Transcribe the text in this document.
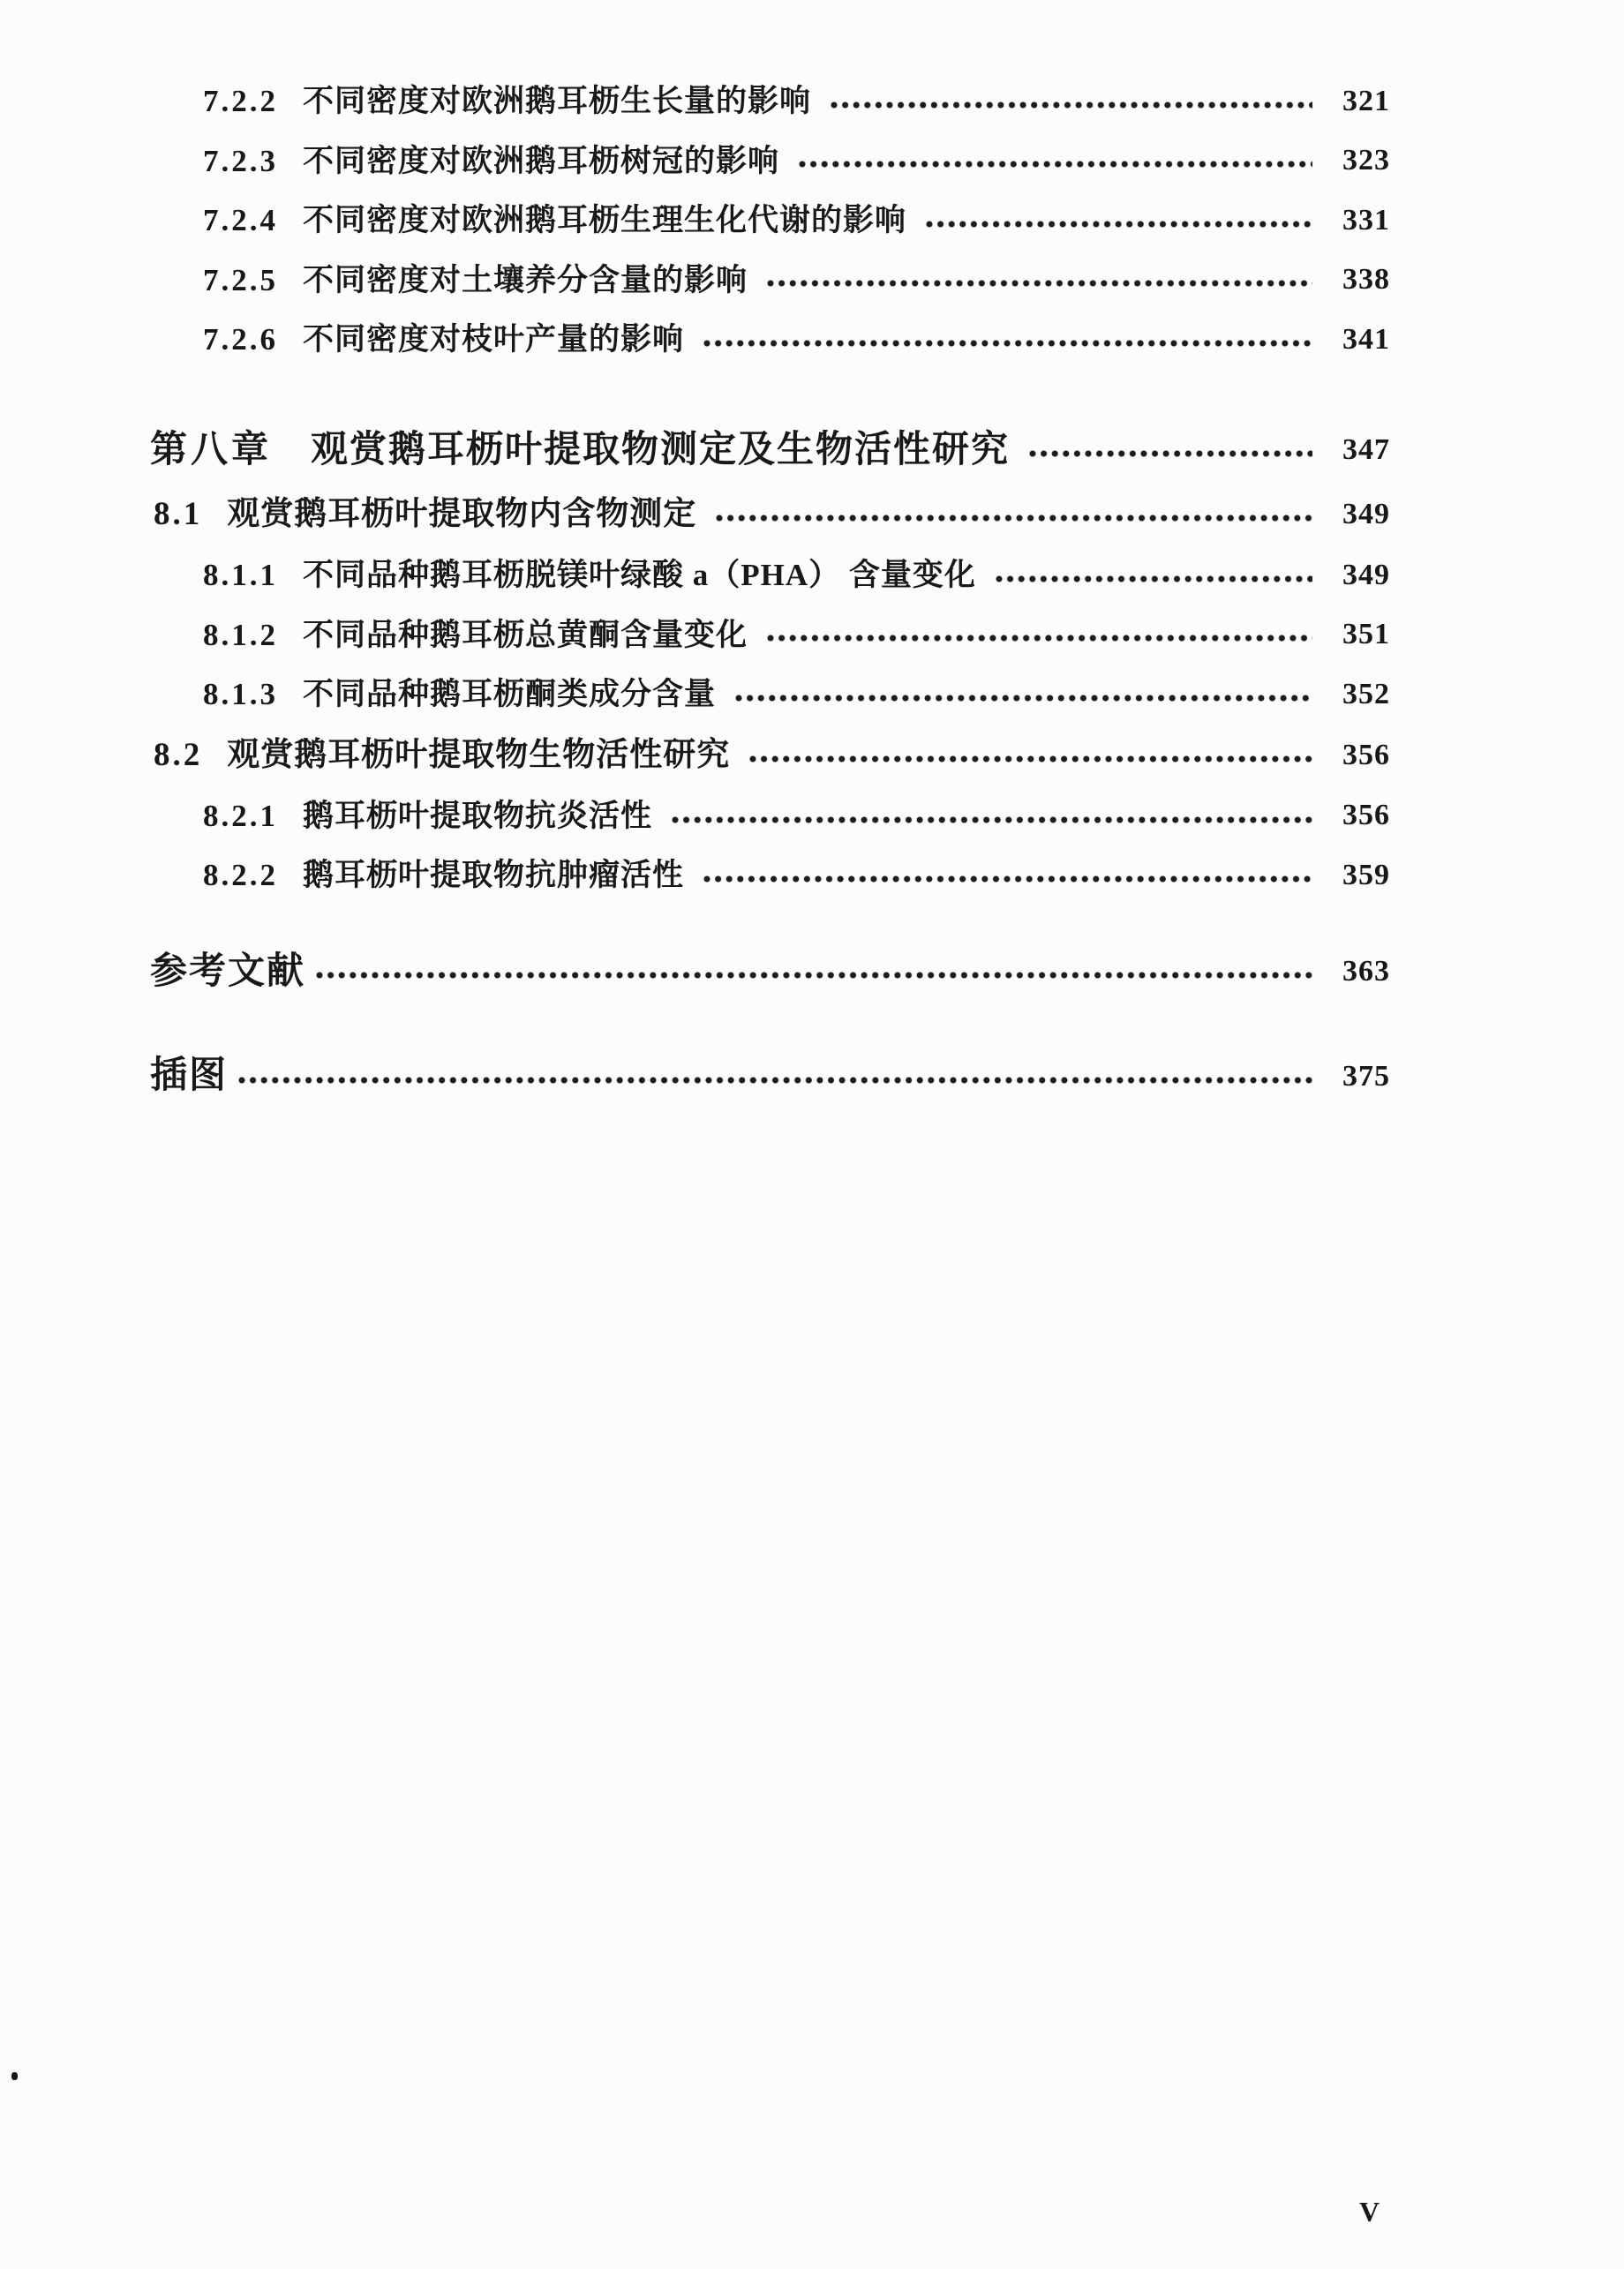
7.2.2 不同密度对欧洲鹅耳枥生长量的影响	321
7.2.3 不同密度对欧洲鹅耳枥树冠的影响	323
7.2.4 不同密度对欧洲鹅耳枥生理生化代谢的影响	331
7.2.5 不同密度对土壤养分含量的影响	338
7.2.6 不同密度对枝叶产量的影响	341
第八章 观赏鹅耳枥叶提取物测定及生物活性研究	347
8.1 观赏鹅耳枥叶提取物内含物测定	349
8.1.1 不同品种鹅耳枥脱镁叶绿酸 a（PHA） 含量变化	349
8.1.2 不同品种鹅耳枥总黄酮含量变化	351
8.1.3 不同品种鹅耳枥酮类成分含量	352
8.2 观赏鹅耳枥叶提取物生物活性研究	356
8.2.1 鹅耳枥叶提取物抗炎活性	356
8.2.2 鹅耳枥叶提取物抗肿瘤活性	359
参考文献	363
插图	375
V
